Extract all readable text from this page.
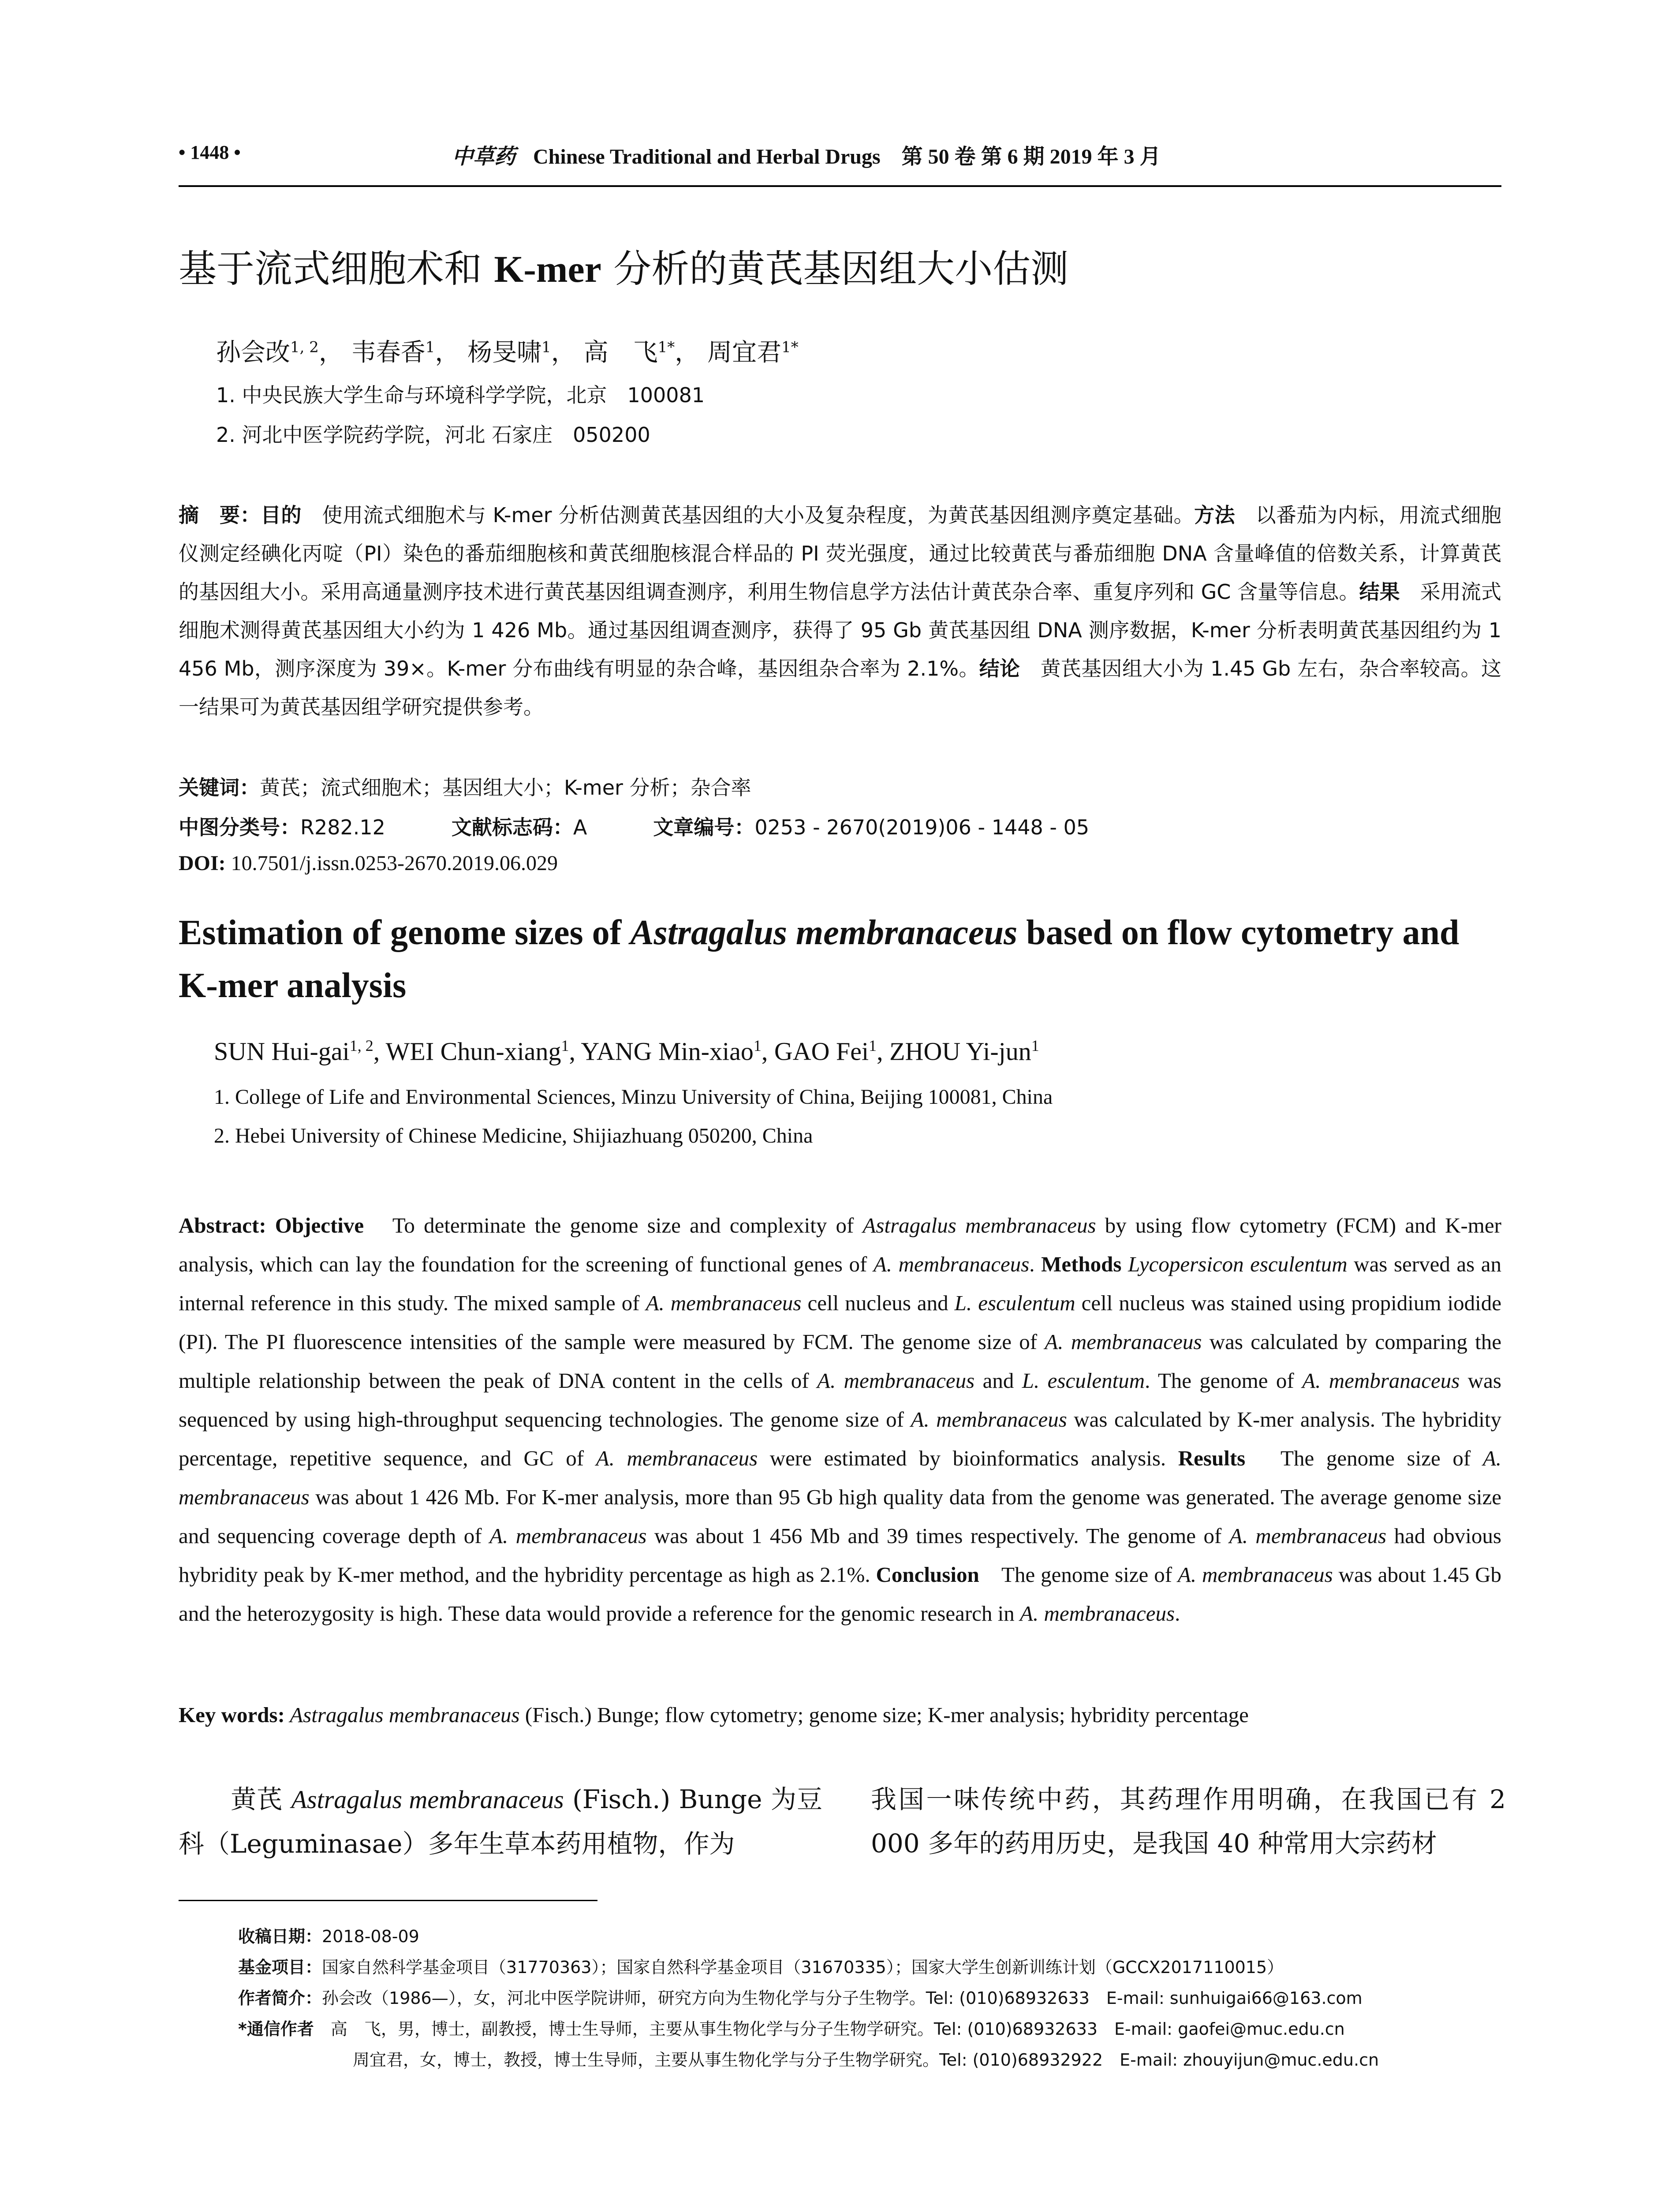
• 1448 •	中草药 Chinese Traditional and Herbal Drugs　第 50 卷 第 6 期 2019 年 3 月
基于流式细胞术和 K-mer 分析的黄芪基因组大小估测
孙会改$^{1, 2}$， 韦春香$^1$， 杨旻啸$^1$， 高　飞$^{1*}$， 周宜君$^{1*}$
1. 中央民族大学生命与环境科学学院，北京　100081
2. 河北中医学院药学院，河北 石家庄　050200
摘　要：目的　使用流式细胞术与 K-mer 分析估测黄芪基因组的大小及复杂程度，为黄芪基因组测序奠定基础。方法　以番茄为内标，用流式细胞仪测定经碘化丙啶（PI）染色的番茄细胞核和黄芪细胞核混合样品的 PI 荧光强度，通过比较黄芪与番茄细胞 DNA 含量峰值的倍数关系，计算黄芪的基因组大小。采用高通量测序技术进行黄芪基因组调查测序，利用生物信息学方法估计黄芪杂合率、重复序列和 GC 含量等信息。结果　采用流式细胞术测得黄芪基因组大小约为 1 426 Mb。通过基因组调查测序，获得了 95 Gb 黄芪基因组 DNA 测序数据，K-mer 分析表明黄芪基因组约为 1 456 Mb，测序深度为 39×。K-mer 分布曲线有明显的杂合峰，基因组杂合率为 2.1%。结论　黄芪基因组大小为 1.45 Gb 左右，杂合率较高。这一结果可为黄芪基因组学研究提供参考。
关键词：黄芪；流式细胞术；基因组大小；K-mer 分析；杂合率
中图分类号：R282.12	文献标志码：A	文章编号：0253 - 2670(2019)06 - 1448 - 05
DOI: 10.7501/j.issn.0253-2670.2019.06.029
Estimation of genome sizes of Astragalus membranaceus based on flow cytometry and K-mer analysis
SUN Hui-gai$^{1, 2}$, WEI Chun-xiang$^1$, YANG Min-xiao$^1$, GAO Fei$^1$, ZHOU Yi-jun$^1$
1. College of Life and Environmental Sciences, Minzu University of China, Beijing 100081, China
2. Hebei University of Chinese Medicine, Shijiazhuang 050200, China
Abstract: Objective　To determinate the genome size and complexity of Astragalus membranaceus by using flow cytometry (FCM) and K-mer analysis, which can lay the foundation for the screening of functional genes of A. membranaceus. Methods Lycopersicon esculentum was served as an internal reference in this study. The mixed sample of A. membranaceus cell nucleus and L. esculentum cell nucleus was stained using propidium iodide (PI). The PI fluorescence intensities of the sample were measured by FCM. The genome size of A. membranaceus was calculated by comparing the multiple relationship between the peak of DNA content in the cells of A. membranaceus and L. esculentum. The genome of A. membranaceus was sequenced by using high-throughput sequencing technologies. The genome size of A. membranaceus was calculated by K-mer analysis. The hybridity percentage, repetitive sequence, and GC of A. membranaceus were estimated by bioinformatics analysis. Results　The genome size of A. membranaceus was about 1 426 Mb. For K-mer analysis, more than 95 Gb high quality data from the genome was generated. The average genome size and sequencing coverage depth of A. membranaceus was about 1 456 Mb and 39 times respectively. The genome of A. membranaceus had obvious hybridity peak by K-mer method, and the hybridity percentage as high as 2.1%. Conclusion　The genome size of A. membranaceus was about 1.45 Gb and the heterozygosity is high. These data would provide a reference for the genomic research in A. membranaceus.
Key words: Astragalus membranaceus (Fisch.) Bunge; flow cytometry; genome size; K-mer analysis; hybridity percentage
　　黄芪 Astragalus membranaceus (Fisch.) Bunge 为豆科（Leguminasae）多年生草本药用植物，作为
我国一味传统中药，其药理作用明确，在我国已有 2 000 多年的药用历史，是我国 40 种常用大宗药材
收稿日期：2018-08-09
基金项目：国家自然科学基金项目（31770363）；国家自然科学基金项目（31670335）；国家大学生创新训练计划（GCCX2017110015）
作者简介：孙会改（1986—），女，河北中医学院讲师，研究方向为生物化学与分子生物学。Tel: (010)68932633　E-mail: sunhuigai66@163.com
*通信作者　高　飞，男，博士，副教授，博士生导师，主要从事生物化学与分子生物学研究。Tel: (010)68932633　E-mail: gaofei@muc.edu.cn
周宜君，女，博士，教授，博士生导师，主要从事生物化学与分子生物学研究。Tel: (010)68932922　E-mail: zhouyijun@muc.edu.cn
